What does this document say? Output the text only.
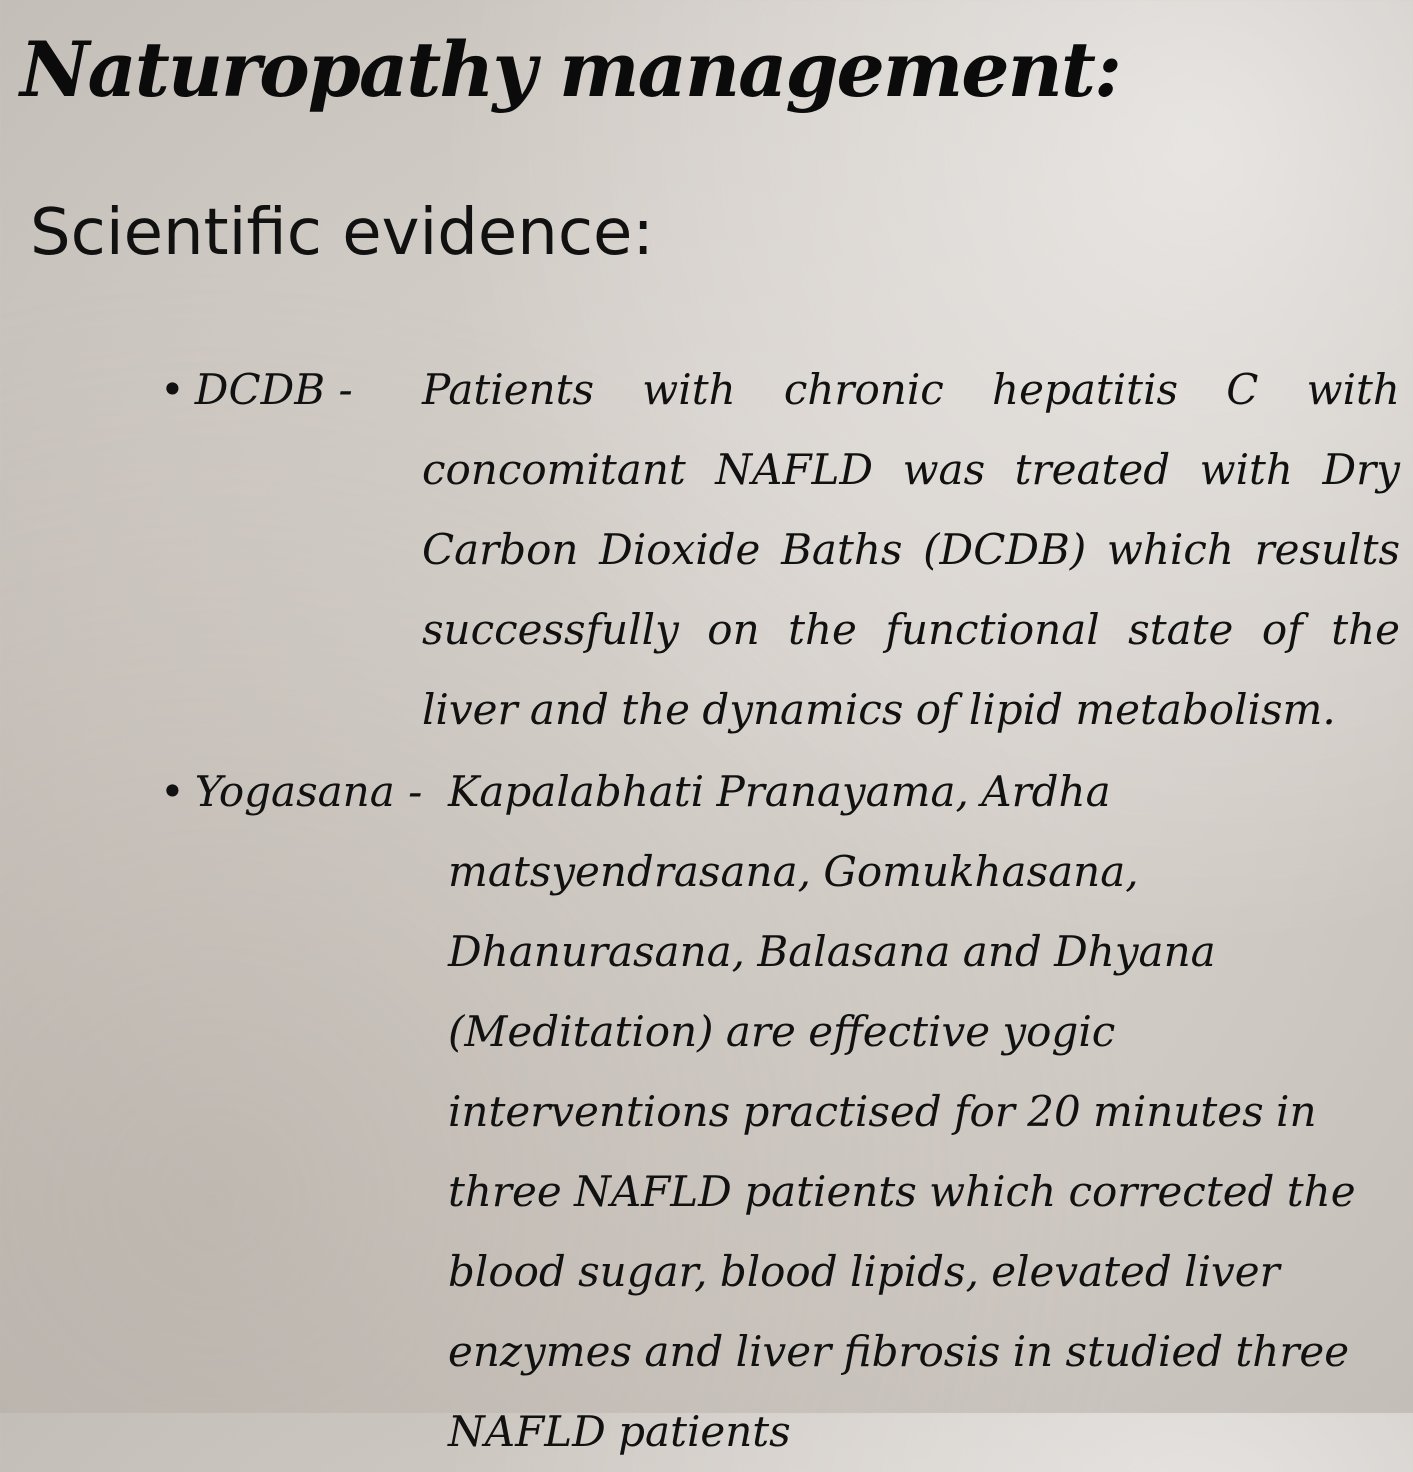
Naturopathy management:
Scientific evidence:
• DCDB -	Patients with chronic hepatitis C with concomitant NAFLD was treated with Dry Carbon Dioxide Baths (DCDB) which results successfully on the functional state of the liver and the dynamics of lipid metabolism.
• Yogasana - Kapalabhati Pranayama, Ardha matsyendrasana, Gomukhasana, Dhanurasana, Balasana and Dhyana (Meditation) are effective yogic interventions practised for 20 minutes in three NAFLD patients which corrected the blood sugar, blood lipids, elevated liver enzymes and liver fibrosis in studied three NAFLD patients
